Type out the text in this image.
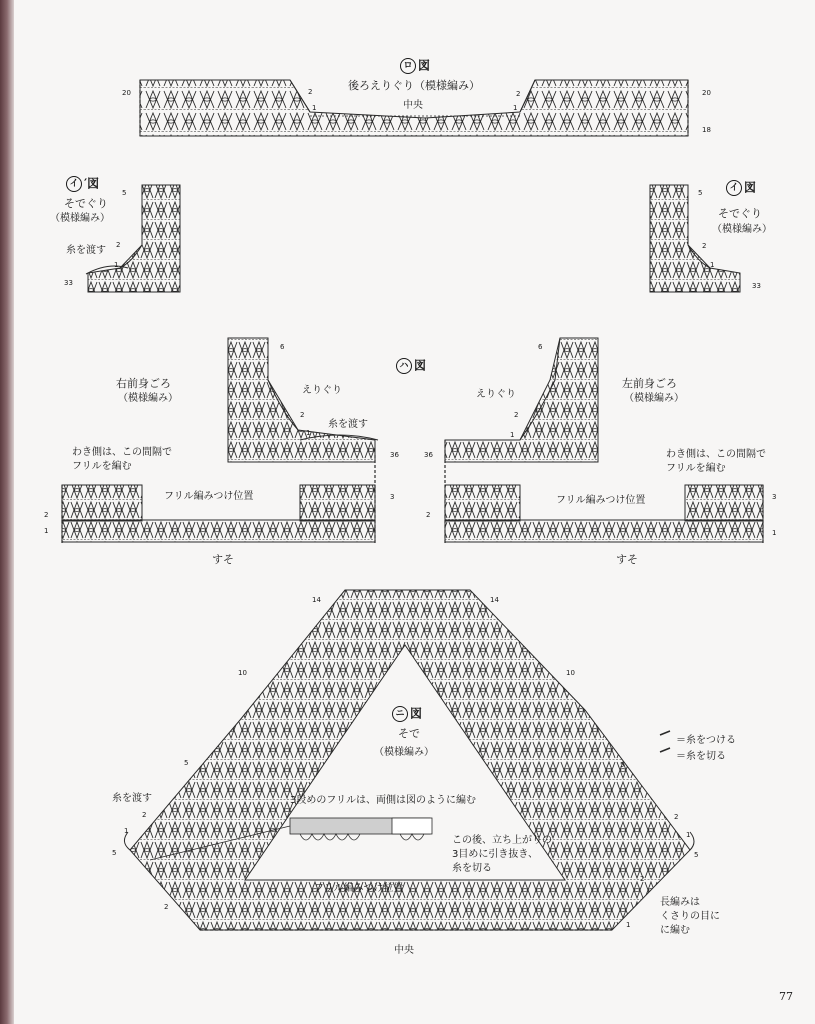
ロ 図
後ろえりぐり（模様編み）
中央
20	20
18
2
1
2
1
イ ′図
そでぐり
（模様編み）
糸を渡す
5
2
1
33
イ 図
そでぐり
（模様編み）
5
2
1
33
ハ 図
右前身ごろ
（模様編み）
左前身ごろ
（模様編み）
えりぐり	えりぐり
糸を渡す
わき側は、この間隔で
フリルを編む
わき側は、この間隔で
フリルを編む
フリル編みつけ位置	フリル編みつけ位置
すそ	すそ
6
2
1
36
3
2
1
6
2
1
36
3
2
1
ニ 図
そで
（模様編み）
＝糸をつける
＝糸を切る
糸を渡す	3段めのフリルは、両側は図のように編む
この後、立ち上がりの
3目めに引き抜き、
糸を切る
フリル編みつけ位置
長編みは
くさりの目に
に編む
中央
14	14
10	10
5	5
2
1
5
2
2
1
5
2
1
77
